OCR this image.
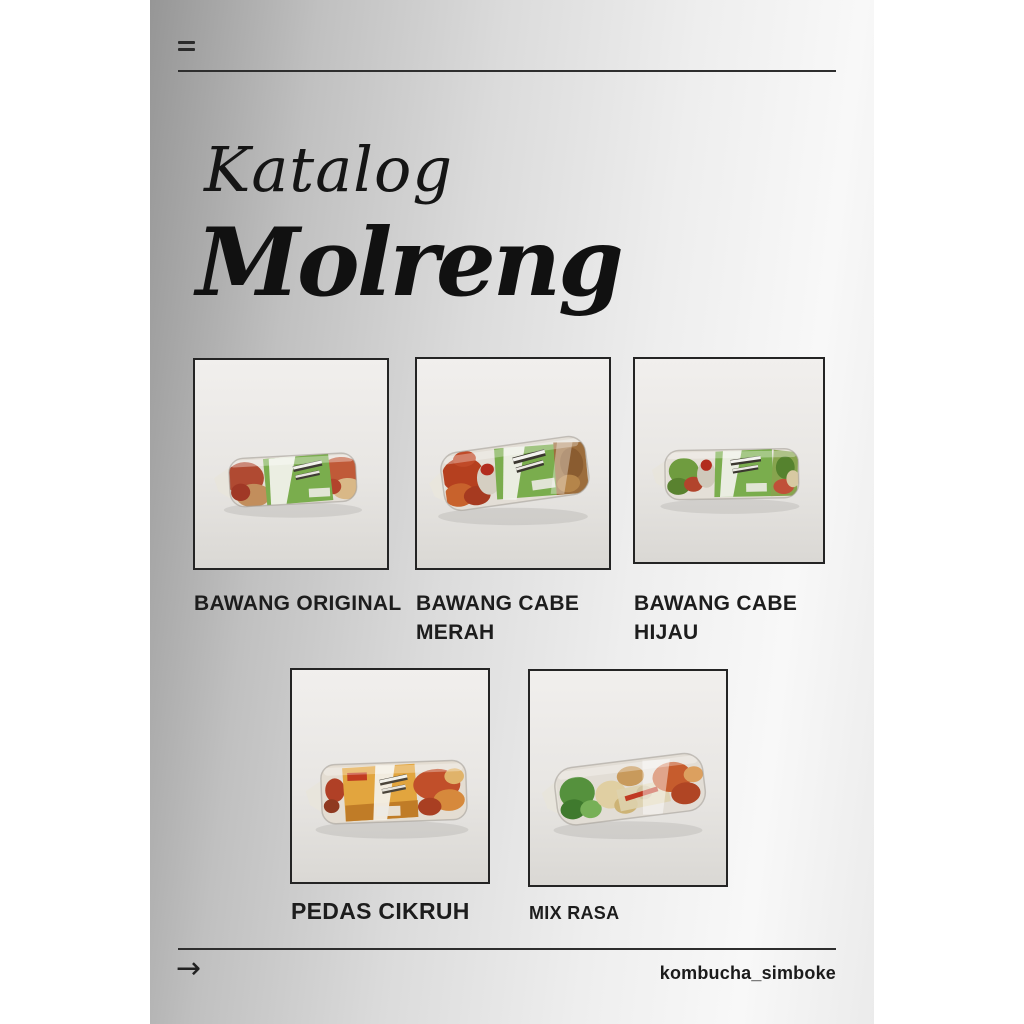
Katalog
Molreng
BAWANG ORIGINAL BAWANG CABE MERAH
BAWANG CABE HIJAU
PEDAS CIKRUH	MIX RASA
→	kombucha_simboke
